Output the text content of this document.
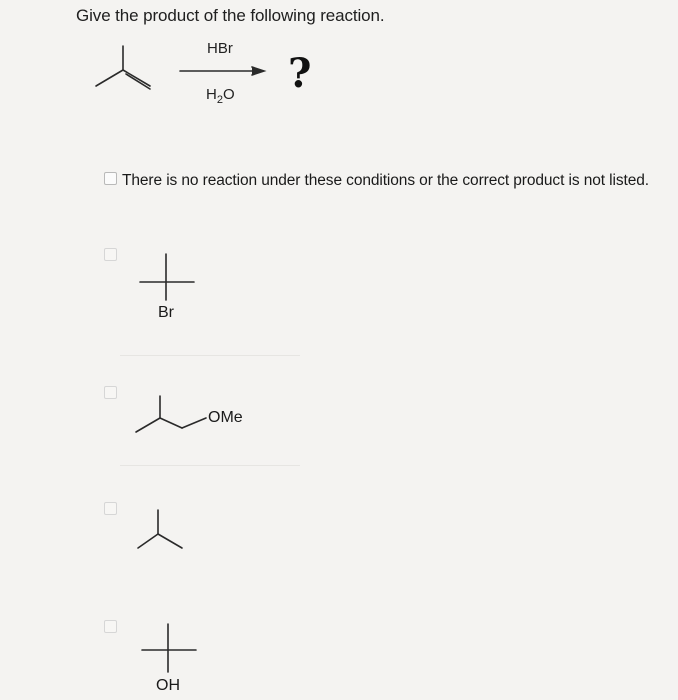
Give the product of the following reaction.
HBr
$H_2O$ ?
There is no reaction under these conditions or the correct product is not listed.
Br
OMe
OH
